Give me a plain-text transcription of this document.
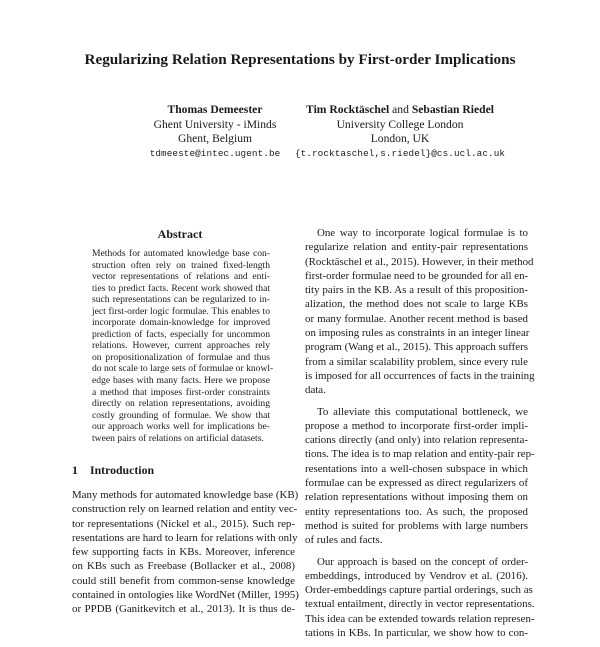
Regularizing Relation Representations by First-order Implications
Thomas Demeester
Ghent University - iMinds
Ghent, Belgium
tdmeeste@intec.ugent.be
Tim Rocktäschel and Sebastian Riedel
University College London
London, UK
{t.rocktaschel,s.riedel}@cs.ucl.ac.uk
Abstract
Methods for automated knowledge base con-
struction often rely on trained fixed-length
vector representations of relations and enti-
ties to predict facts. Recent work showed that
such representations can be regularized to in-
ject first-order logic formulae. This enables to
incorporate domain-knowledge for improved
prediction of facts, especially for uncommon
relations. However, current approaches rely
on propositionalization of formulae and thus
do not scale to large sets of formulae or knowl-
edge bases with many facts. Here we propose
a method that imposes first-order constraints
directly on relation representations, avoiding
costly grounding of formulae. We show that
our approach works well for implications be-
tween pairs of relations on artificial datasets.
1 Introduction
Many methods for automated knowledge base (KB)
construction rely on learned relation and entity vec-
tor representations (Nickel et al., 2015). Such rep-
resentations are hard to learn for relations with only
few supporting facts in KBs. Moreover, inference
on KBs such as Freebase (Bollacker et al., 2008)
could still benefit from common-sense knowledge
contained in ontologies like WordNet (Miller, 1995)
or PPDB (Ganitkevitch et al., 2013). It is thus de-
One way to incorporate logical formulae is to
regularize relation and entity-pair representations
(Rocktäschel et al., 2015). However, in their method
first-order formulae need to be grounded for all en-
tity pairs in the KB. As a result of this proposition-
alization, the method does not scale to large KBs
or many formulae. Another recent method is based
on imposing rules as constraints in an integer linear
program (Wang et al., 2015). This approach suffers
from a similar scalability problem, since every rule
is imposed for all occurrences of facts in the training
data.
To alleviate this computational bottleneck, we
propose a method to incorporate first-order impli-
cations directly (and only) into relation representa-
tions. The idea is to map relation and entity-pair rep-
resentations into a well-chosen subspace in which
formulae can be expressed as direct regularizers of
relation representations without imposing them on
entity representations too. As such, the proposed
method is suited for problems with large numbers
of rules and facts.
Our approach is based on the concept of order-
embeddings, introduced by Vendrov et al. (2016).
Order-embeddings capture partial orderings, such as
textual entailment, directly in vector representations.
This idea can be extended towards relation represen-
tations in KBs. In particular, we show how to con-
